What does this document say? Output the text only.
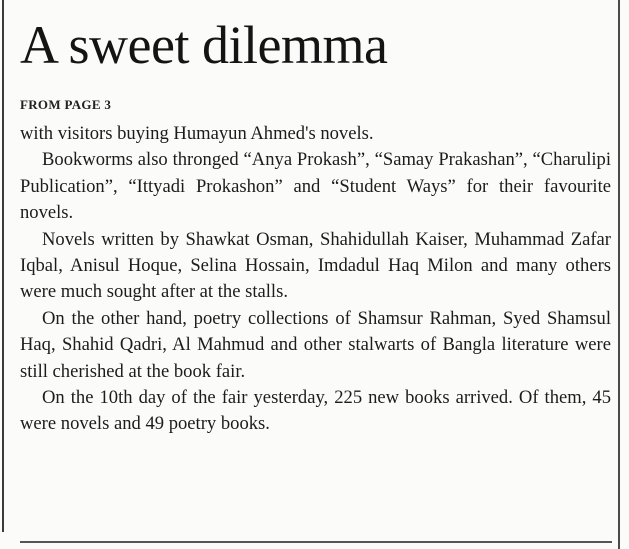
A sweet dilemma
FROM PAGE 3

with visitors buying Humayun Ahmed's novels.

Bookworms also thronged “Anya Prokash”, “Samay Prakashan”, “Charulipi Publication”, “Ittyadi Prokashon” and “Student Ways” for their favourite novels.

Novels written by Shawkat Osman, Shahidullah Kaiser, Muhammad Zafar Iqbal, Anisul Hoque, Selina Hossain, Imdadul Haq Milon and many others were much sought after at the stalls.

On the other hand, poetry collections of Shamsur Rahman, Syed Shamsul Haq, Shahid Qadri, Al Mahmud and other stalwarts of Bangla literature were still cherished at the book fair.

On the 10th day of the fair yesterday, 225 new books arrived. Of them, 45 were novels and 49 poetry books.
